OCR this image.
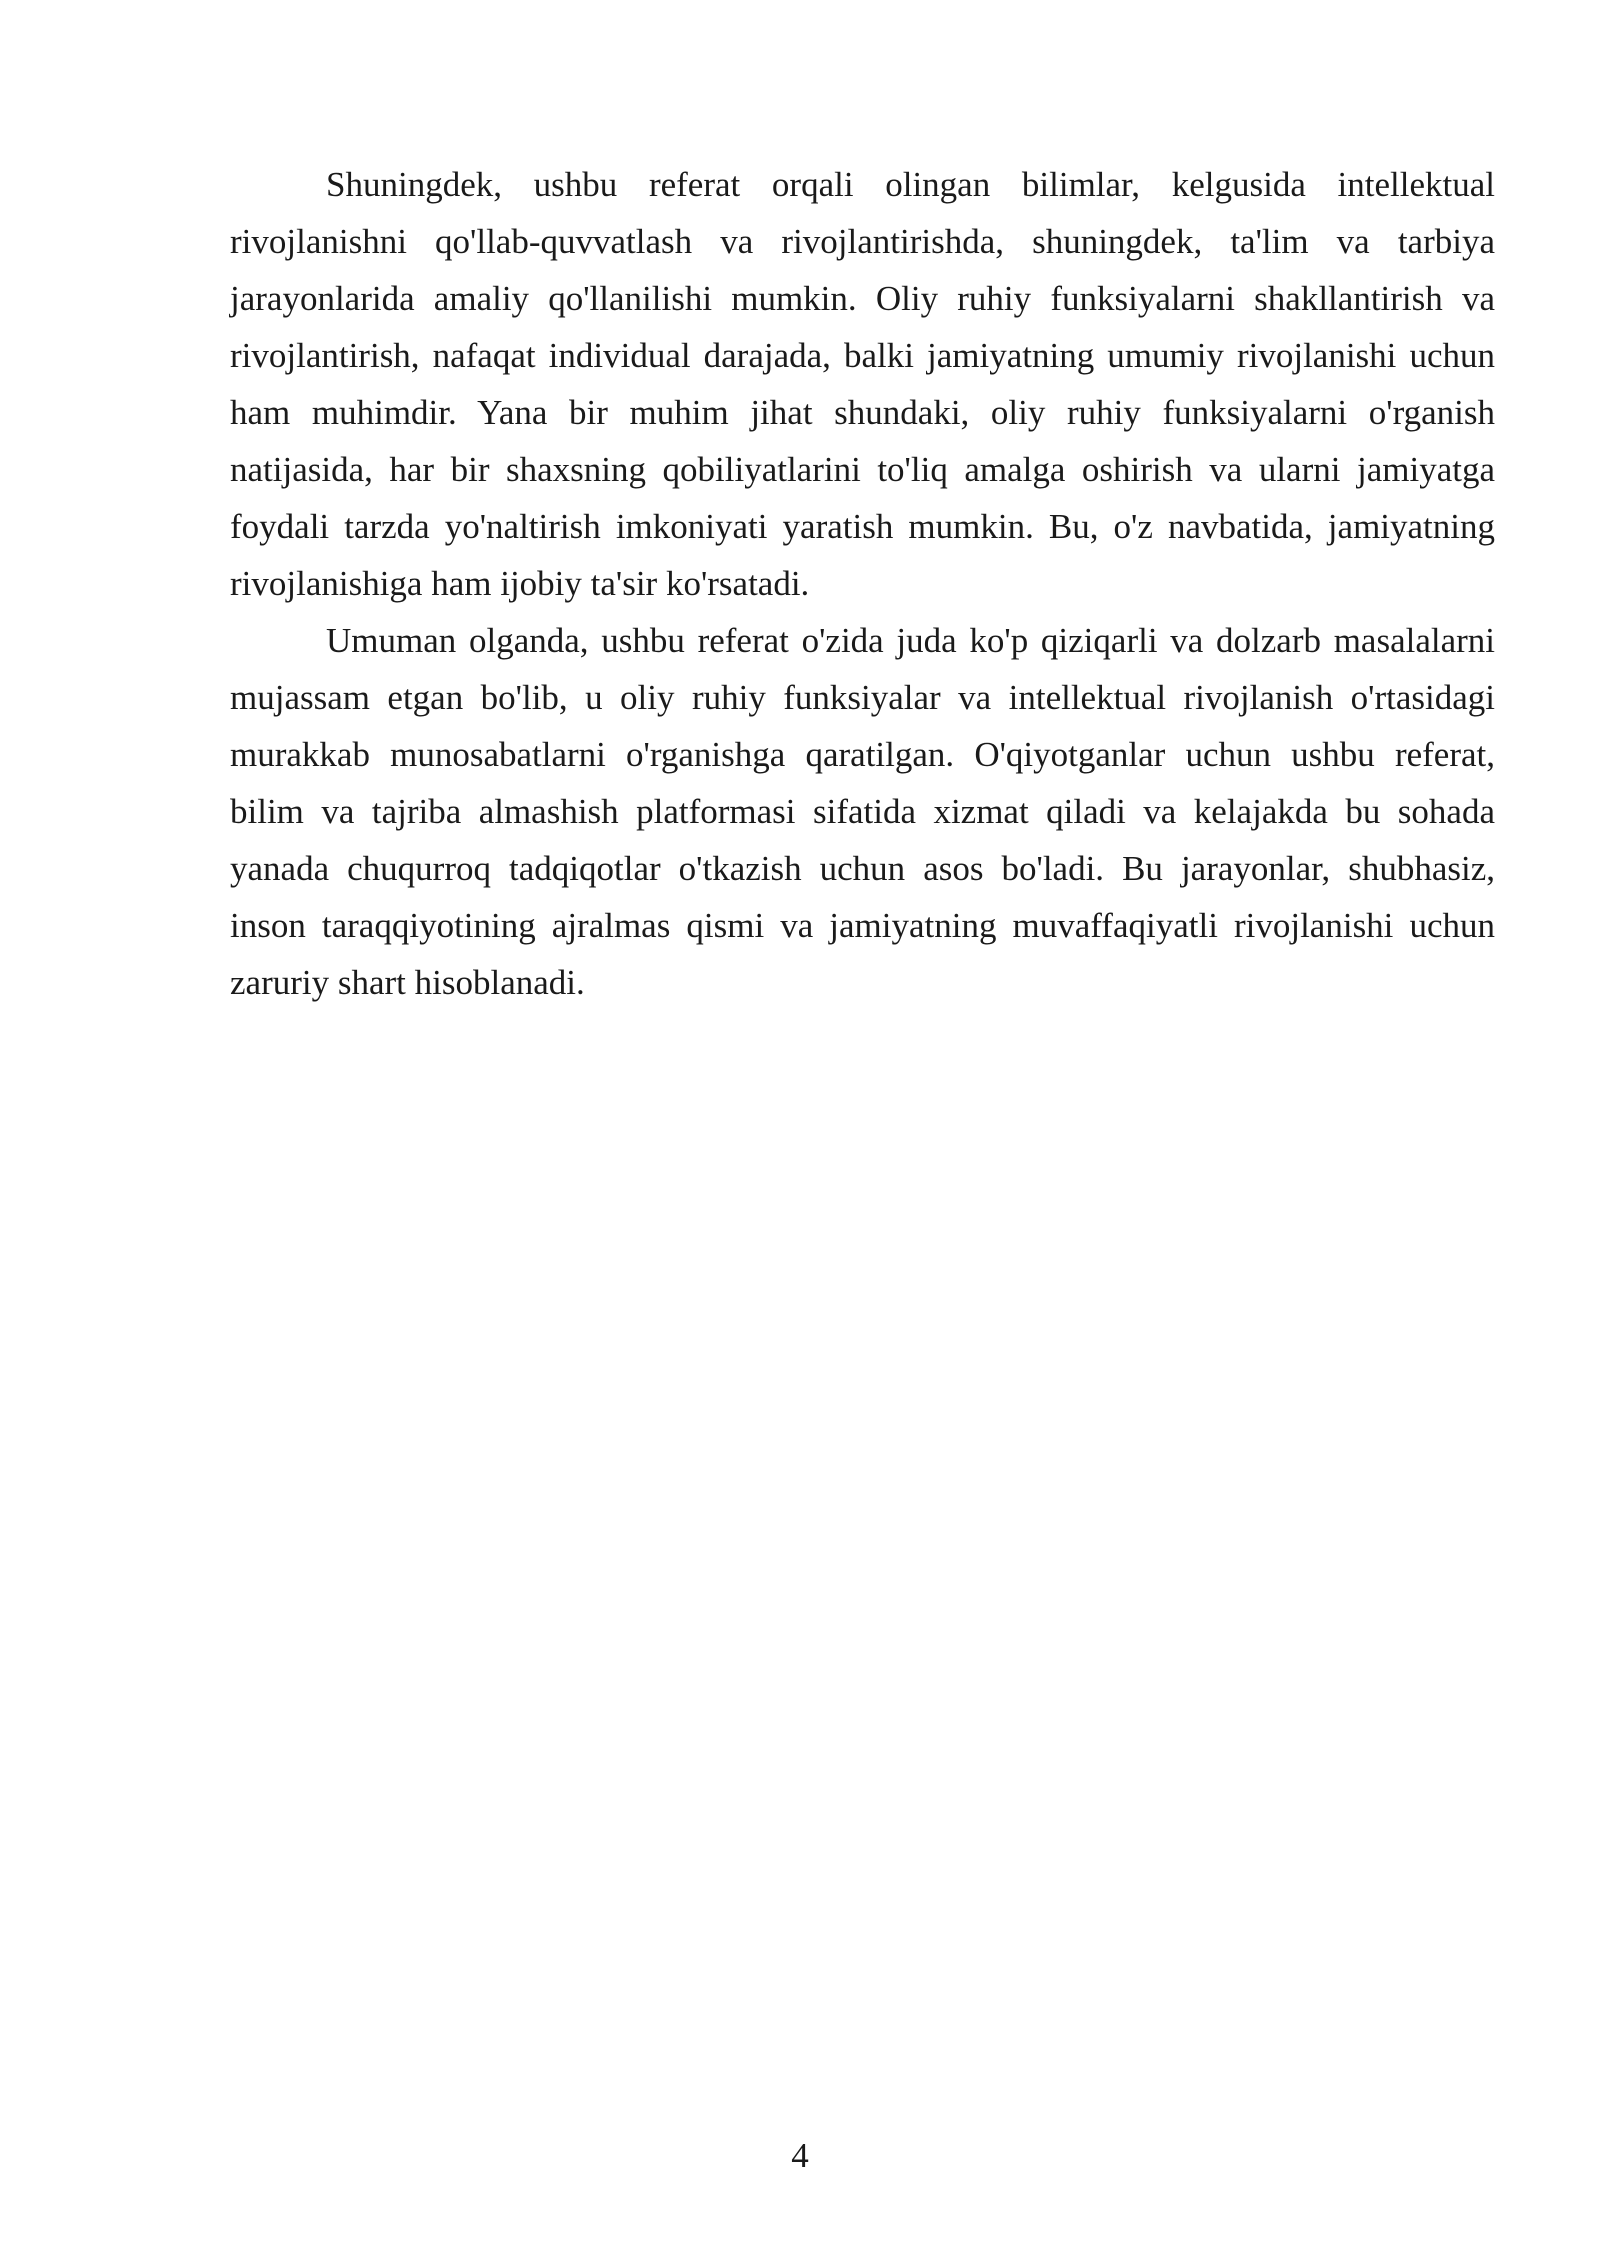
Shuningdek, ushbu referat orqali olingan bilimlar, kelgusida intellektual rivojlanishni qo'llab-quvvatlash va rivojlantirishda, shuningdek, ta'lim va tarbiya jarayonlarida amaliy qo'llanilishi mumkin. Oliy ruhiy funksiyalarni shakllantirish va rivojlantirish, nafaqat individual darajada, balki jamiyatning umumiy rivojlanishi uchun ham muhimdir. Yana bir muhim jihat shundaki, oliy ruhiy funksiyalarni o'rganish natijasida, har bir shaxsning qobiliyatlarini to'liq amalga oshirish va ularni jamiyatga foydali tarzda yo'naltirish imkoniyati yaratish mumkin. Bu, o'z navbatida, jamiyatning rivojlanishiga ham ijobiy ta'sir ko'rsatadi.

Umuman olganda, ushbu referat o'zida juda ko'p qiziqarli va dolzarb masalalarni mujassam etgan bo'lib, u oliy ruhiy funksiyalar va intellektual rivojlanish o'rtasidagi murakkab munosabatlarni o'rganishga qaratilgan. O'qiyotganlar uchun ushbu referat, bilim va tajriba almashish platformasi sifatida xizmat qiladi va kelajakda bu sohada yanada chuqurroq tadqiqotlar o'tkazish uchun asos bo'ladi. Bu jarayonlar, shubhasiz, inson taraqqiyotining ajralmas qismi va jamiyatning muvaffaqiyatli rivojlanishi uchun zaruriy shart hisoblanadi.

4
